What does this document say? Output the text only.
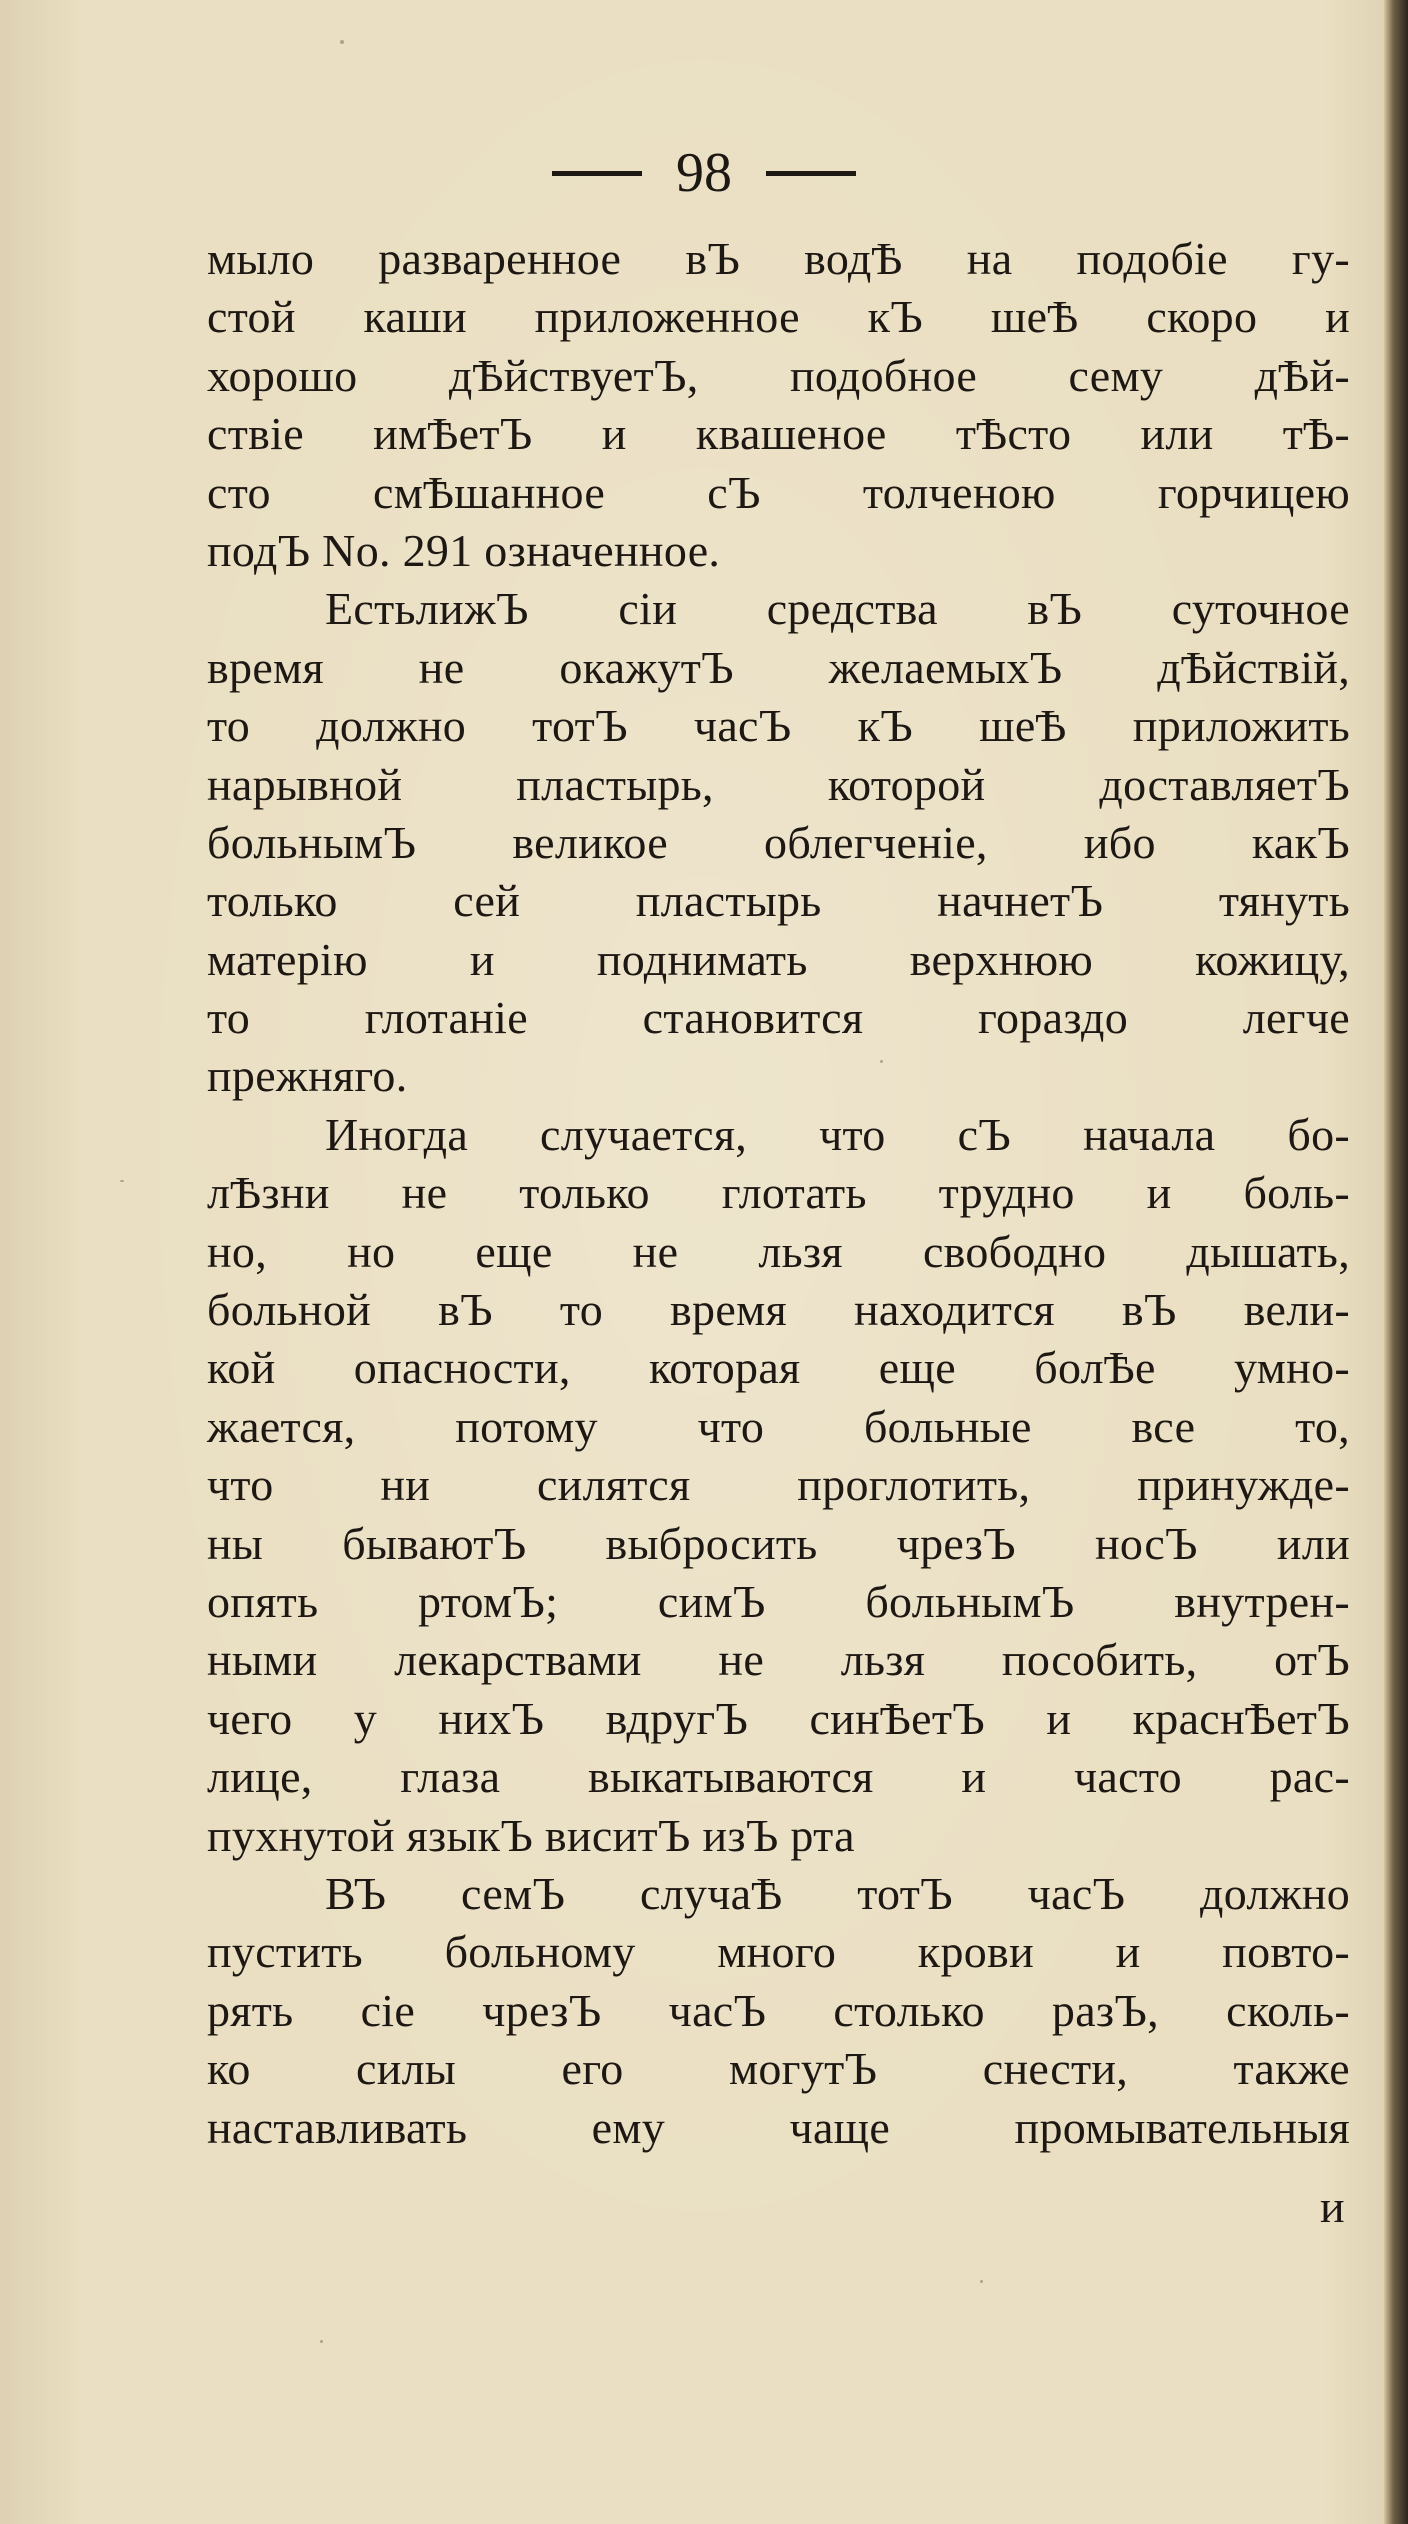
98
мыло разваренное вЪ водѢ на подобіе гу-
стой каши приложенное кЪ шеѢ скоро и
хорошо дѢйствуетЪ, подобное сему дѢй-
ствіе имѢетЪ и квашеное тѢсто или тѢ-
сто смѢшанное сЪ толченою горчицею
подЪ No. 291 означенное.
ЕстьлижЪ сіи средства вЪ суточное
время не окажутЪ желаемыхЪ дѢйствій,
то должно тотЪ часЪ кЪ шеѢ приложить
нарывной пластырь, которой доставляетЪ
больнымЪ великое облегченіе, ибо какЪ
только сей пластырь начнетЪ тянуть
матерію и поднимать верхнюю кожицу,
то глотаніе становится гораздо легче
прежняго.
Иногда случается, что сЪ начала бо-
лѢзни не только глотать трудно и боль-
но, но еще не льзя свободно дышать,
больной вЪ то время находится вЪ вели-
кой опасности, которая еще болѢе умно-
жается, потому что больные все то,
что ни силятся проглотить, принужде-
ны бываютЪ выбросить чрезЪ носЪ или
опять ртомЪ; симЪ больнымЪ внутрен-
ными лекарствами не льзя пособить, отЪ
чего у нихЪ вдругЪ синѢетЪ и краснѢетЪ
лице, глаза выкатываются и часто рас-
пухнутой языкЪ виситЪ изЪ рта
ВЪ семЪ случаѢ тотЪ часЪ должно
пустить больному много крови и повто-
рять сіе чрезЪ часЪ столько разЪ, сколь-
ко силы его могутЪ снести, также
наставливать ему чаще промывательныя
и
